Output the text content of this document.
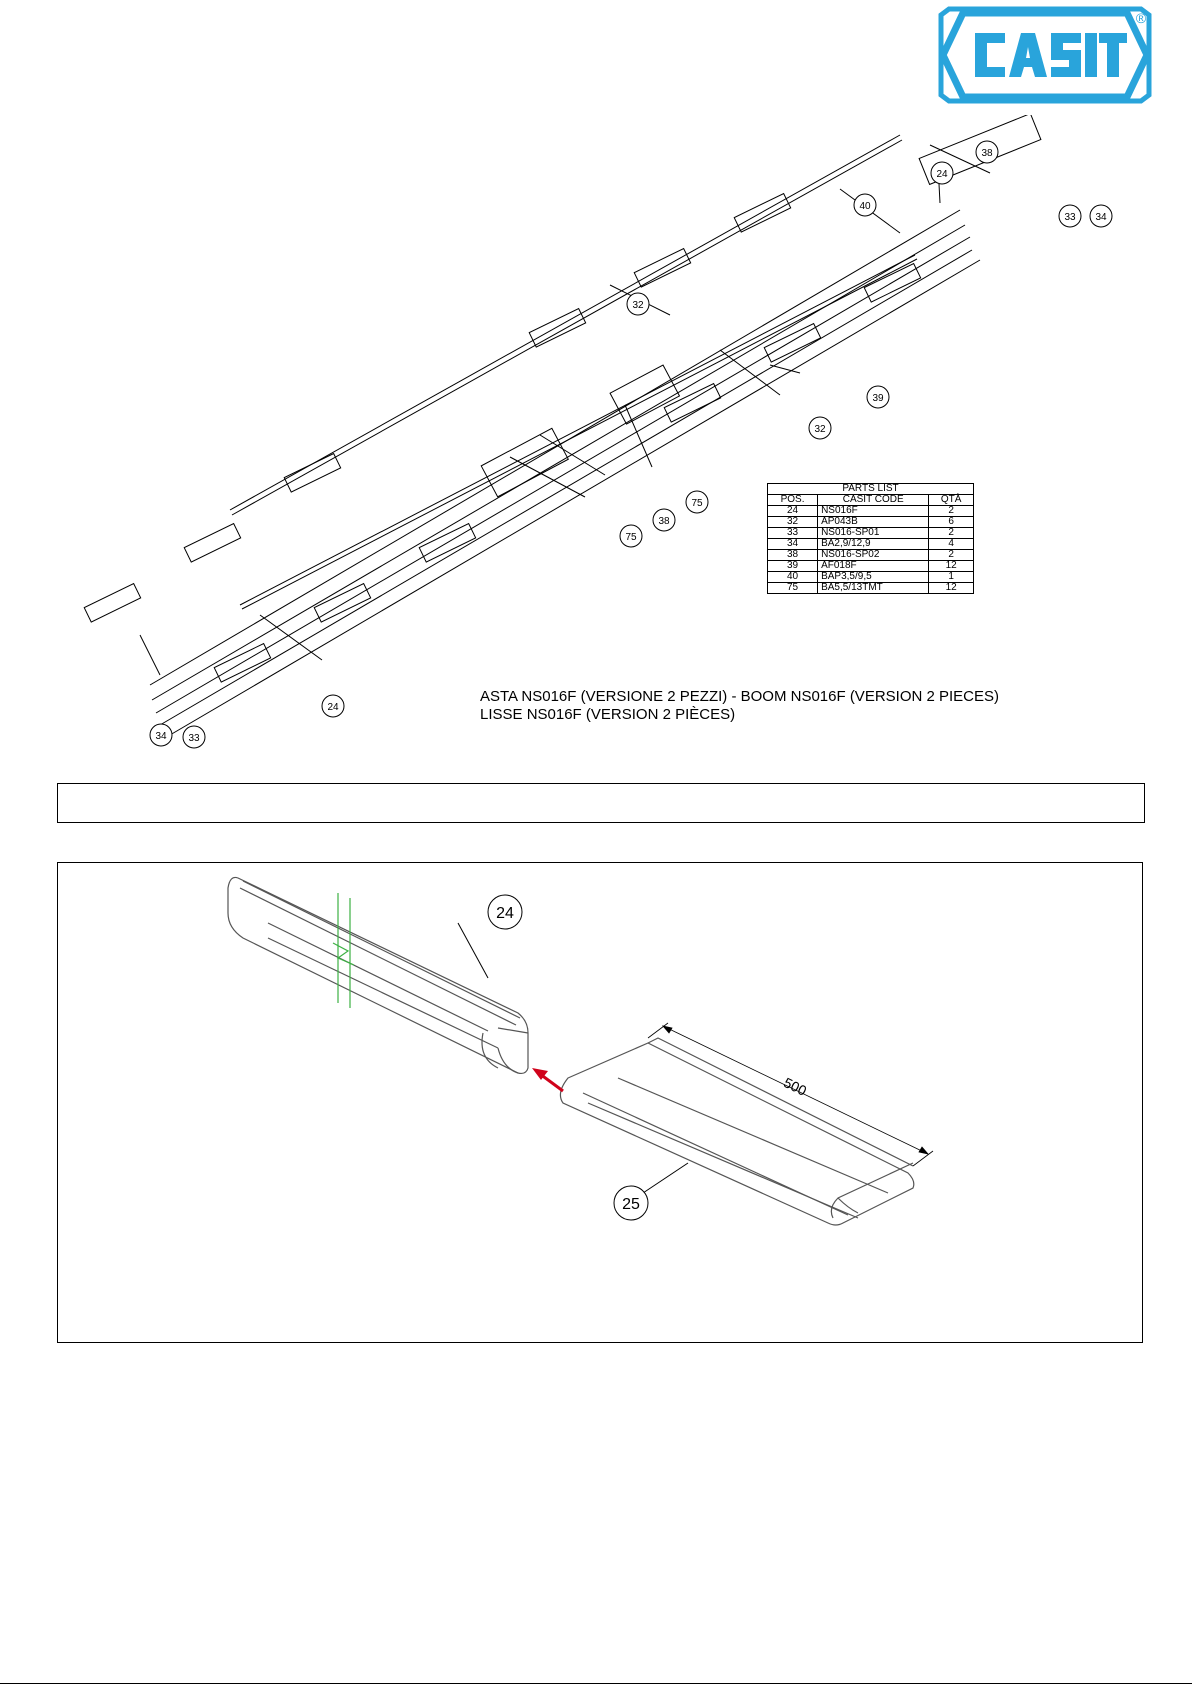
®
38
24
40
33 34
32
39
32
75
38
75
24
34 33
PARTS LIST		
POS.	CASIT CODE	QTÀ
24	NS016F	2
32	AP043B	6
33	NS016-SP01	2
34	BA2,9/12,9	4
38	NS016-SP02	2
39	AF018F	12
40	BAP3,5/9,5	1
75	BA5,5/13TMT	12
ASTA NS016F (VERSIONE 2 PEZZI) - BOOM NS016F (VERSION 2 PIECES)
LISSE NS016F (VERSION 2 PIÈCES)
500
24
25
